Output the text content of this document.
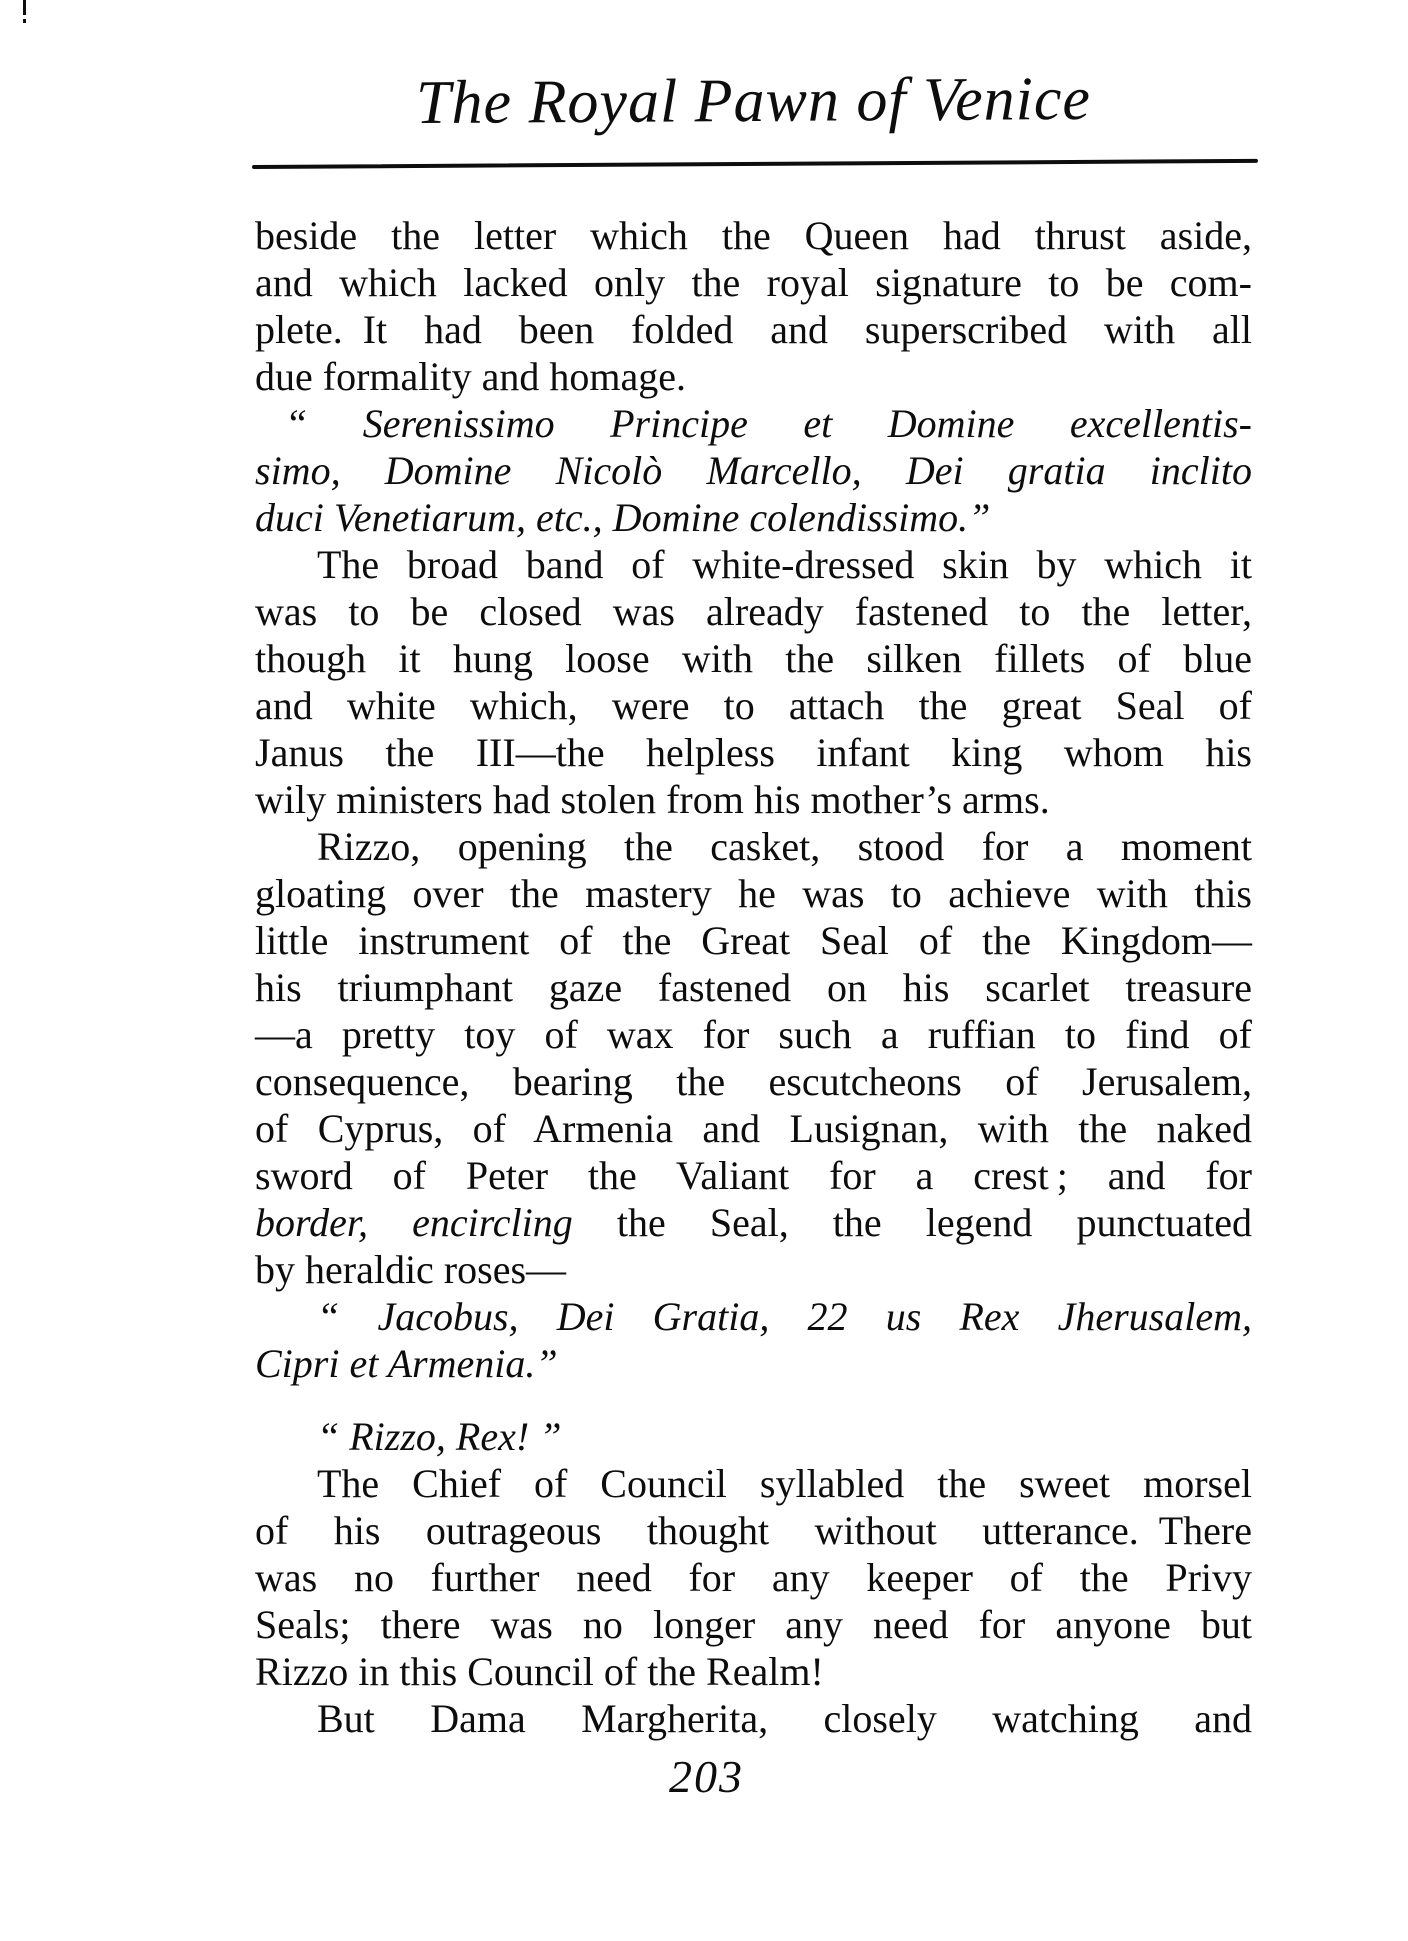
The Royal Pawn of Venice
beside the letter which the Queen had thrust aside,
and which lacked only the royal signature to be com-
plete. It had been folded and superscribed with all
due formality and homage.
“ Serenissimo Principe et Domine excellentis-
simo, Domine Nicolò Marcello, Dei gratia inclito
duci Venetiarum, etc., Domine colendissimo.”
The broad band of white-dressed skin by which it
was to be closed was already fastened to the letter,
though it hung loose with the silken fillets of blue
and white which, were to attach the great Seal of
Janus the III—the helpless infant king whom his
wily ministers had stolen from his mother’s arms.
Rizzo, opening the casket, stood for a moment
gloating over the mastery he was to achieve with this
little instrument of the Great Seal of the Kingdom—
his triumphant gaze fastened on his scarlet treasure
—a pretty toy of wax for such a ruffian to find of
consequence, bearing the escutcheons of Jerusalem,
of Cyprus, of Armenia and Lusignan, with the naked
sword of Peter the Valiant for a crest ; and for
border, encircling the Seal, the legend punctuated
by heraldic roses—
“ Jacobus, Dei Gratia, 22 us Rex Jherusalem,
Cipri et Armenia.”
“ Rizzo, Rex! ”
The Chief of Council syllabled the sweet morsel
of his outrageous thought without utterance. There
was no further need for any keeper of the Privy
Seals; there was no longer any need for anyone but
Rizzo in this Council of the Realm!
But Dama Margherita, closely watching and
203
